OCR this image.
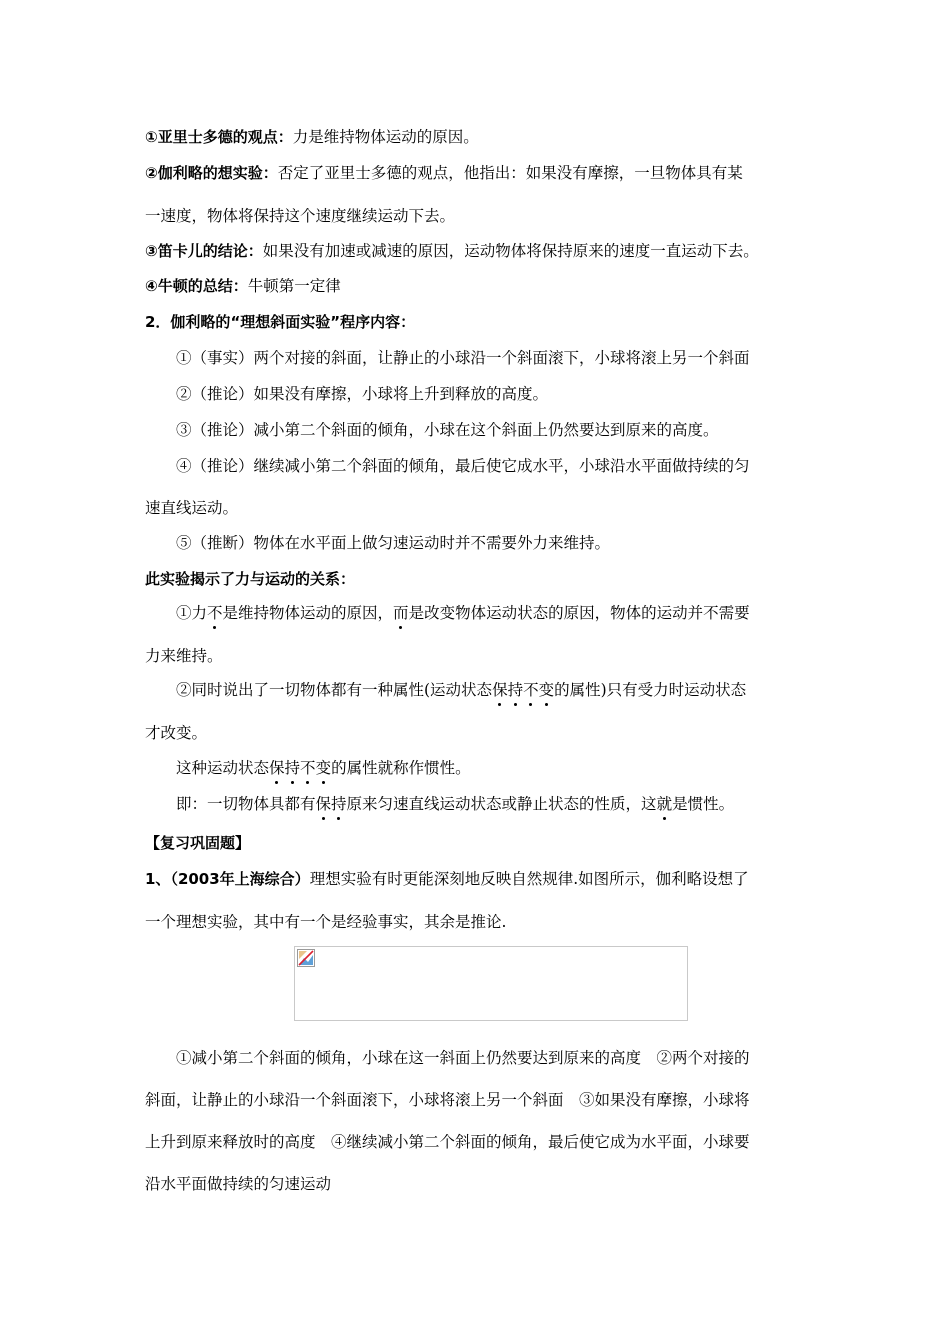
①亚里士多德的观点：力是维持物体运动的原因。
②伽利略的想实验：否定了亚里士多德的观点，他指出：如果没有摩擦，一旦物体具有某
一速度，物体将保持这个速度继续运动下去。
③笛卡儿的结论：如果没有加速或减速的原因，运动物体将保持原来的速度一直运动下去。
④牛顿的总结：牛顿第一定律
2．伽利略的“理想斜面实验”程序内容：
①（事实）两个对接的斜面，让静止的小球沿一个斜面滚下，小球将滚上另一个斜面
②（推论）如果没有摩擦，小球将上升到释放的高度。
③（推论）减小第二个斜面的倾角，小球在这个斜面上仍然要达到原来的高度。
④（推论）继续减小第二个斜面的倾角，最后使它成水平，小球沿水平面做持续的匀
速直线运动。
⑤（推断）物体在水平面上做匀速运动时并不需要外力来维持。
此实验揭示了力与运动的关系：
①力不是维持物体运动的原因，而是改变物体运动状态的原因，物体的运动并不需要
力来维持。
②同时说出了一切物体都有一种属性(运动状态保持不变的属性)只有受力时运动状态
才改变。
这种运动状态保持不变的属性就称作惯性。
即：一切物体具都有保持原来匀速直线运动状态或静止状态的性质，这就是惯性。
【复习巩固题】
1、（2003年上海综合）理想实验有时更能深刻地反映自然规律.如图所示，伽利略设想了
一个理想实验，其中有一个是经验事实，其余是推论.
①减小第二个斜面的倾角，小球在这一斜面上仍然要达到原来的高度　②两个对接的
斜面，让静止的小球沿一个斜面滚下，小球将滚上另一个斜面　③如果没有摩擦，小球将
上升到原来释放时的高度　④继续减小第二个斜面的倾角，最后使它成为水平面，小球要
沿水平面做持续的匀速运动
